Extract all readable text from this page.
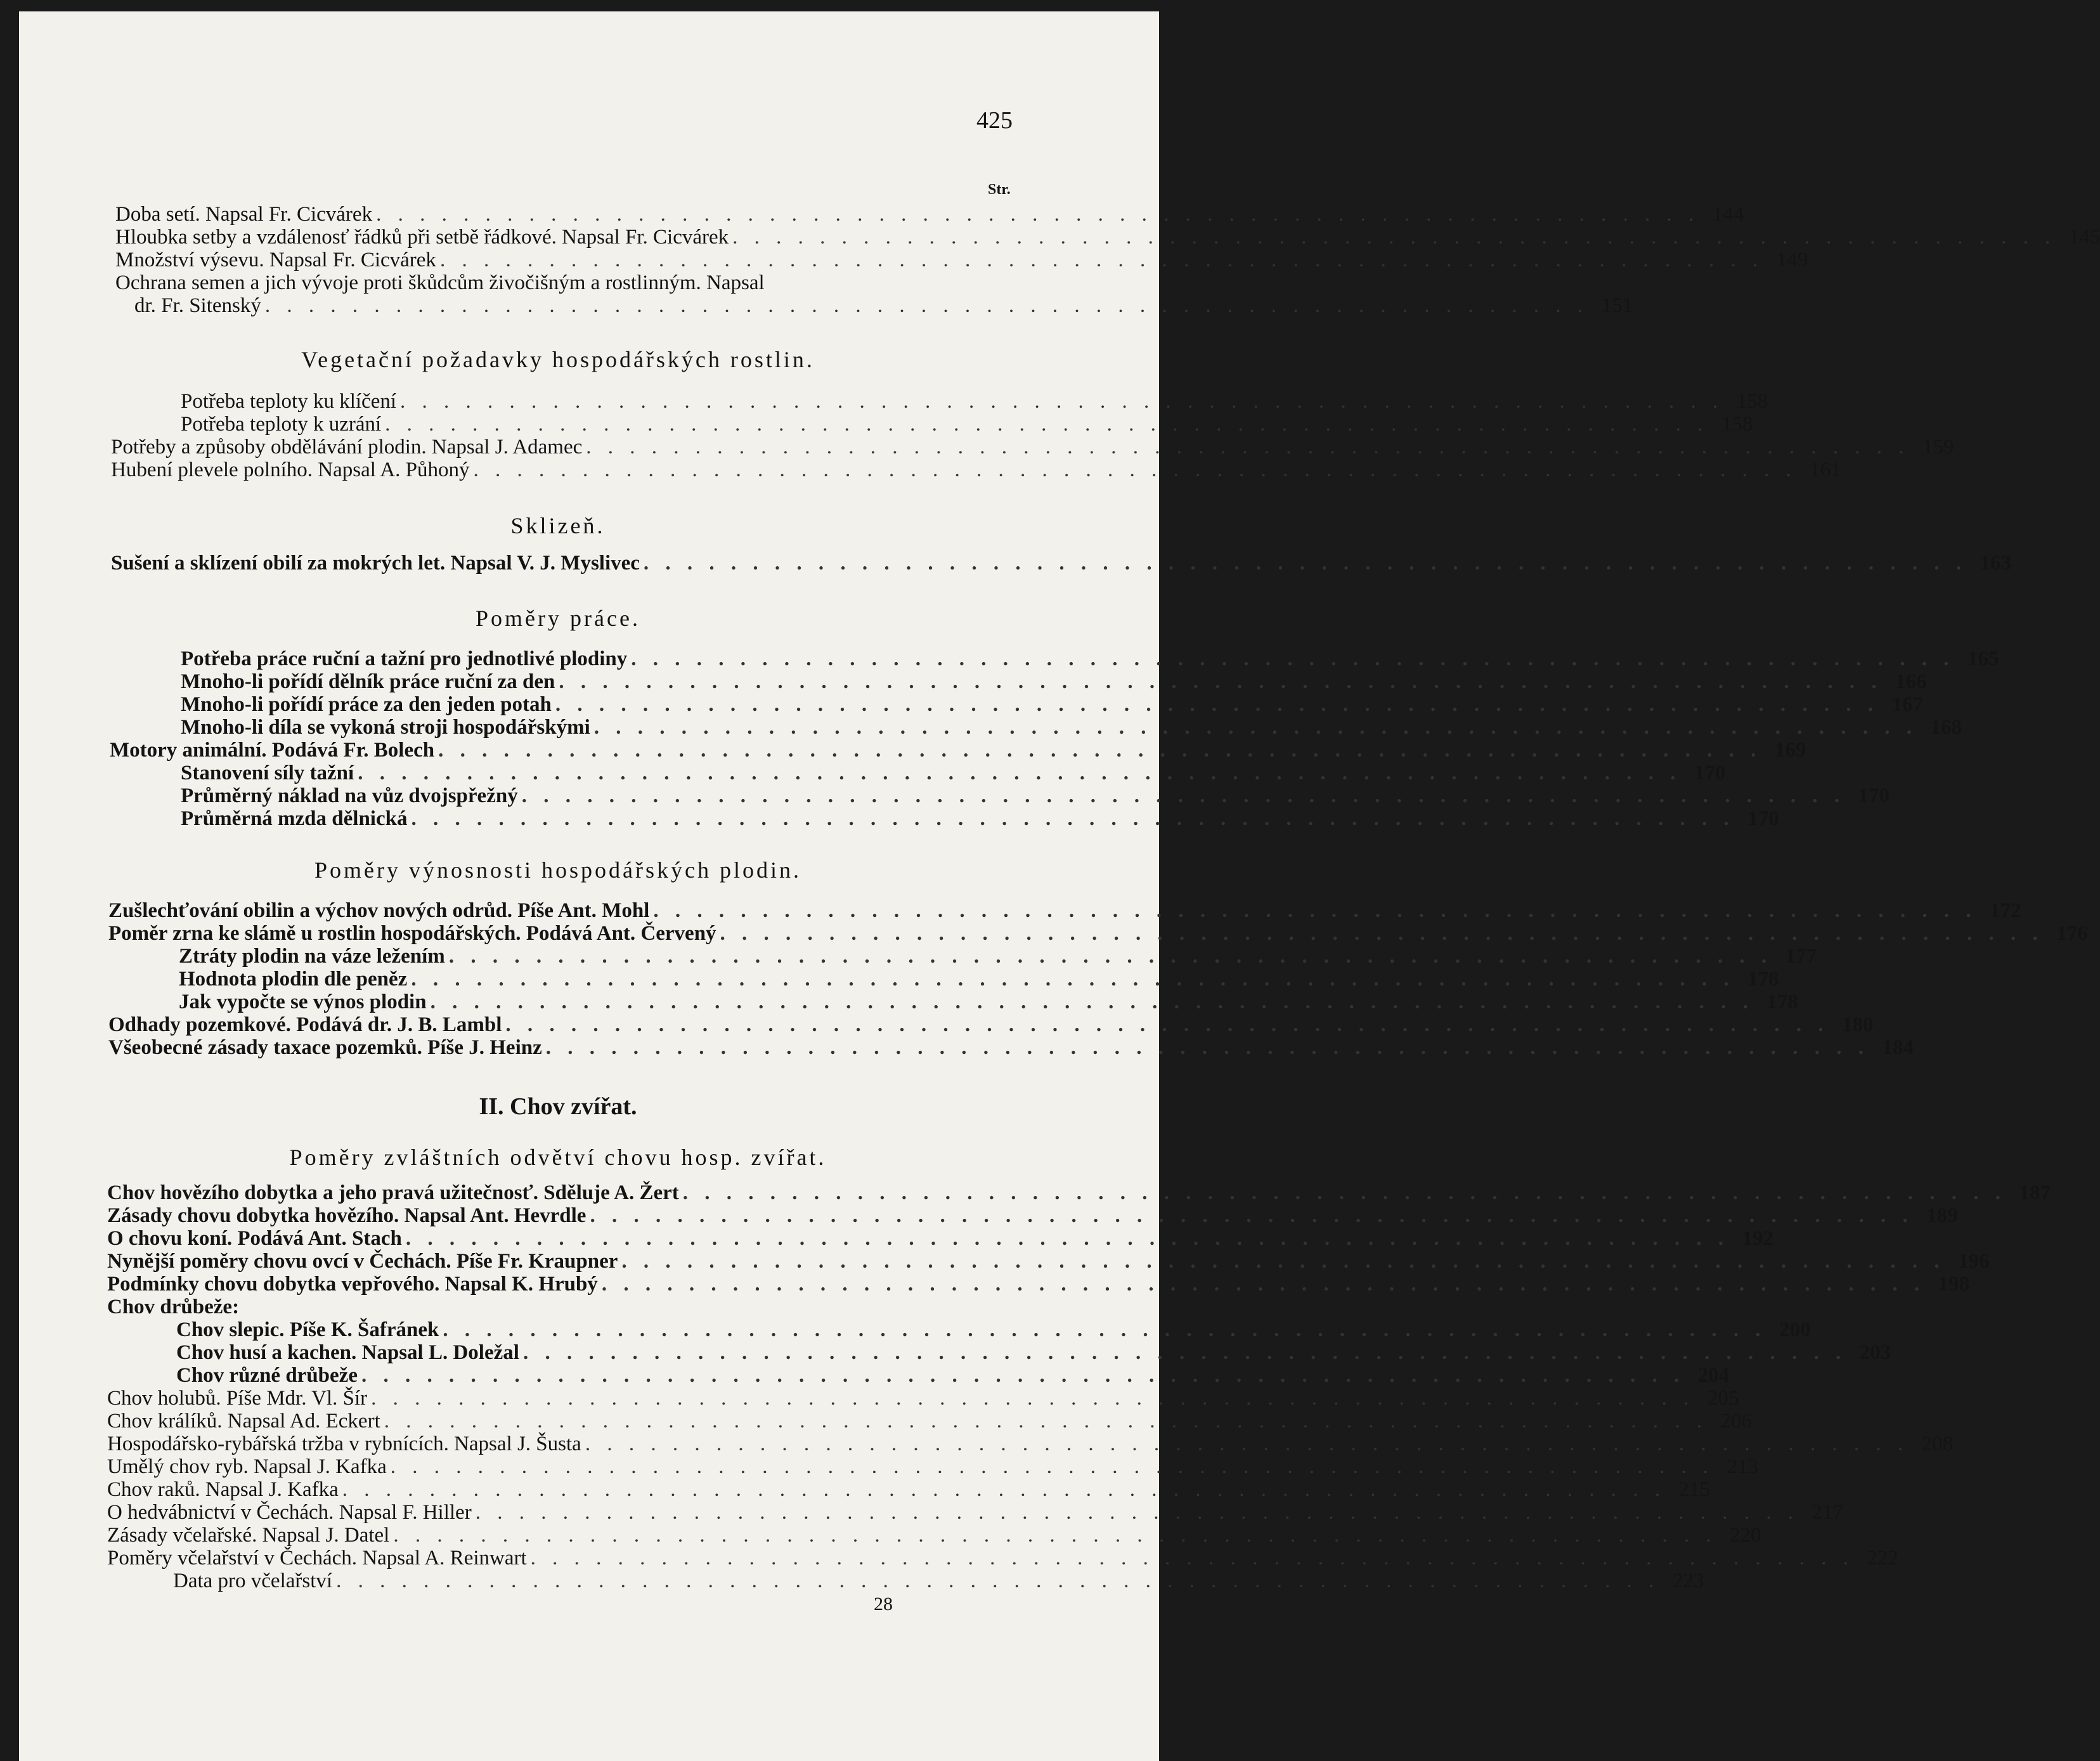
425
Str.
Doba setí. Napsal Fr. Cicvárek . . . . . . . . . . . . . . . . . . . . . . . . . . . . . . . . . . . . . . . . . . . . . . . . . . . . . . . . . . . . . 144
Hloubka setby a vzdálenosť řádků při setbě řádkové. Napsal Fr. Cicvárek . . . . . . . . . . . . . . . . . . . . . . . . . . . . . . . . . . . . . . . . . . . . . . . . . . . . . . . . . . . . . 145
Množství výsevu. Napsal Fr. Cicvárek . . . . . . . . . . . . . . . . . . . . . . . . . . . . . . . . . . . . . . . . . . . . . . . . . . . . . . . . . . . . . 149
Ochrana semen a jich vývoje proti škůdcům živočišným a rostlinným. Napsal
dr. Fr. Sitenský . . . . . . . . . . . . . . . . . . . . . . . . . . . . . . . . . . . . . . . . . . . . . . . . . . . . . . . . . . . . . 151
Vegetační požadavky hospodářských rostlin.
Potřeba teploty ku klíčení . . . . . . . . . . . . . . . . . . . . . . . . . . . . . . . . . . . . . . . . . . . . . . . . . . . . . . . . . . . . . 158
Potřeba teploty k uzrání . . . . . . . . . . . . . . . . . . . . . . . . . . . . . . . . . . . . . . . . . . . . . . . . . . . . . . . . . . . . . 158
Potřeby a způsoby obdělávání plodin. Napsal J. Adamec . . . . . . . . . . . . . . . . . . . . . . . . . . . . . . . . . . . . . . . . . . . . . . . . . . . . . . . . . . . . . 159
Hubení plevele polního. Napsal A. Půhoný . . . . . . . . . . . . . . . . . . . . . . . . . . . . . . . . . . . . . . . . . . . . . . . . . . . . . . . . . . . . . 161
Sklizeň.
Sušení a sklízení obilí za mokrých let. Napsal V. J. Myslivec . . . . . . . . . . . . . . . . . . . . . . . . . . . . . . . . . . . . . . . . . . . . . . . . . . . . . . . . . . . . . 163
Poměry práce.
Potřeba práce ruční a tažní pro jednotlivé plodiny . . . . . . . . . . . . . . . . . . . . . . . . . . . . . . . . . . . . . . . . . . . . . . . . . . . . . . . . . . . . . 165
Mnoho-li pořídí dělník práce ruční za den . . . . . . . . . . . . . . . . . . . . . . . . . . . . . . . . . . . . . . . . . . . . . . . . . . . . . . . . . . . . . 166
Mnoho-li pořídí práce za den jeden potah . . . . . . . . . . . . . . . . . . . . . . . . . . . . . . . . . . . . . . . . . . . . . . . . . . . . . . . . . . . . . 167
Mnoho-li díla se vykoná stroji hospodářskými . . . . . . . . . . . . . . . . . . . . . . . . . . . . . . . . . . . . . . . . . . . . . . . . . . . . . . . . . . . . . 168
Motory animální. Podává Fr. Bolech . . . . . . . . . . . . . . . . . . . . . . . . . . . . . . . . . . . . . . . . . . . . . . . . . . . . . . . . . . . . . 169
Stanovení síly tažní . . . . . . . . . . . . . . . . . . . . . . . . . . . . . . . . . . . . . . . . . . . . . . . . . . . . . . . . . . . . . 170
Průměrný náklad na vůz dvojspřežný . . . . . . . . . . . . . . . . . . . . . . . . . . . . . . . . . . . . . . . . . . . . . . . . . . . . . . . . . . . . . 170
Průměrná mzda dělnická . . . . . . . . . . . . . . . . . . . . . . . . . . . . . . . . . . . . . . . . . . . . . . . . . . . . . . . . . . . . . 170
Poměry výnosnosti hospodářských plodin.
Zušlechťování obilin a výchov nových odrůd. Píše Ant. Mohl . . . . . . . . . . . . . . . . . . . . . . . . . . . . . . . . . . . . . . . . . . . . . . . . . . . . . . . . . . . . . 172
Poměr zrna ke slámě u rostlin hospodářských. Podává Ant. Červený . . . . . . . . . . . . . . . . . . . . . . . . . . . . . . . . . . . . . . . . . . . . . . . . . . . . . . . . . . . . . 176
Ztráty plodin na váze ležením . . . . . . . . . . . . . . . . . . . . . . . . . . . . . . . . . . . . . . . . . . . . . . . . . . . . . . . . . . . . . 177
Hodnota plodin dle peněz . . . . . . . . . . . . . . . . . . . . . . . . . . . . . . . . . . . . . . . . . . . . . . . . . . . . . . . . . . . . . 178
Jak vypočte se výnos plodin . . . . . . . . . . . . . . . . . . . . . . . . . . . . . . . . . . . . . . . . . . . . . . . . . . . . . . . . . . . . . 178
Odhady pozemkové. Podává dr. J. B. Lambl . . . . . . . . . . . . . . . . . . . . . . . . . . . . . . . . . . . . . . . . . . . . . . . . . . . . . . . . . . . . . 180
Všeobecné zásady taxace pozemků. Píše J. Heinz . . . . . . . . . . . . . . . . . . . . . . . . . . . . . . . . . . . . . . . . . . . . . . . . . . . . . . . . . . . . . 184
II. Chov zvířat.
Poměry zvláštních odvětví chovu hosp. zvířat.
Chov hovězího dobytka a jeho pravá užitečnosť. Sděluje A. Žert . . . . . . . . . . . . . . . . . . . . . . . . . . . . . . . . . . . . . . . . . . . . . . . . . . . . . . . . . . . . . 187
Zásady chovu dobytka hovězího. Napsal Ant. Hevrdle . . . . . . . . . . . . . . . . . . . . . . . . . . . . . . . . . . . . . . . . . . . . . . . . . . . . . . . . . . . . . 189
O chovu koní. Podává Ant. Stach . . . . . . . . . . . . . . . . . . . . . . . . . . . . . . . . . . . . . . . . . . . . . . . . . . . . . . . . . . . . . 192
Nynější poměry chovu ovcí v Čechách. Píše Fr. Kraupner . . . . . . . . . . . . . . . . . . . . . . . . . . . . . . . . . . . . . . . . . . . . . . . . . . . . . . . . . . . . . 196
Podmínky chovu dobytka vepřového. Napsal K. Hrubý . . . . . . . . . . . . . . . . . . . . . . . . . . . . . . . . . . . . . . . . . . . . . . . . . . . . . . . . . . . . . 198
Chov drůbeže:
Chov slepic. Píše K. Šafránek . . . . . . . . . . . . . . . . . . . . . . . . . . . . . . . . . . . . . . . . . . . . . . . . . . . . . . . . . . . . . 200
Chov husí a kachen. Napsal L. Doležal . . . . . . . . . . . . . . . . . . . . . . . . . . . . . . . . . . . . . . . . . . . . . . . . . . . . . . . . . . . . . 203
Chov různé drůbeže . . . . . . . . . . . . . . . . . . . . . . . . . . . . . . . . . . . . . . . . . . . . . . . . . . . . . . . . . . . . . 204
Chov holubů. Píše Mdr. Vl. Šír . . . . . . . . . . . . . . . . . . . . . . . . . . . . . . . . . . . . . . . . . . . . . . . . . . . . . . . . . . . . . 205
Chov králíků. Napsal Ad. Eckert . . . . . . . . . . . . . . . . . . . . . . . . . . . . . . . . . . . . . . . . . . . . . . . . . . . . . . . . . . . . . 206
Hospodářsko-rybářská tržba v rybnících. Napsal J. Šusta . . . . . . . . . . . . . . . . . . . . . . . . . . . . . . . . . . . . . . . . . . . . . . . . . . . . . . . . . . . . . 208
Umělý chov ryb. Napsal J. Kafka . . . . . . . . . . . . . . . . . . . . . . . . . . . . . . . . . . . . . . . . . . . . . . . . . . . . . . . . . . . . . 213
Chov raků. Napsal J. Kafka . . . . . . . . . . . . . . . . . . . . . . . . . . . . . . . . . . . . . . . . . . . . . . . . . . . . . . . . . . . . . 215
O hedvábnictví v Čechách. Napsal F. Hiller . . . . . . . . . . . . . . . . . . . . . . . . . . . . . . . . . . . . . . . . . . . . . . . . . . . . . . . . . . . . . 217
Zásady včelařské. Napsal J. Datel . . . . . . . . . . . . . . . . . . . . . . . . . . . . . . . . . . . . . . . . . . . . . . . . . . . . . . . . . . . . . 220
Poměry včelařství v Čechách. Napsal A. Reinwart . . . . . . . . . . . . . . . . . . . . . . . . . . . . . . . . . . . . . . . . . . . . . . . . . . . . . . . . . . . . . 222
Data pro včelařství . . . . . . . . . . . . . . . . . . . . . . . . . . . . . . . . . . . . . . . . . . . . . . . . . . . . . . . . . . . . . 223
28
